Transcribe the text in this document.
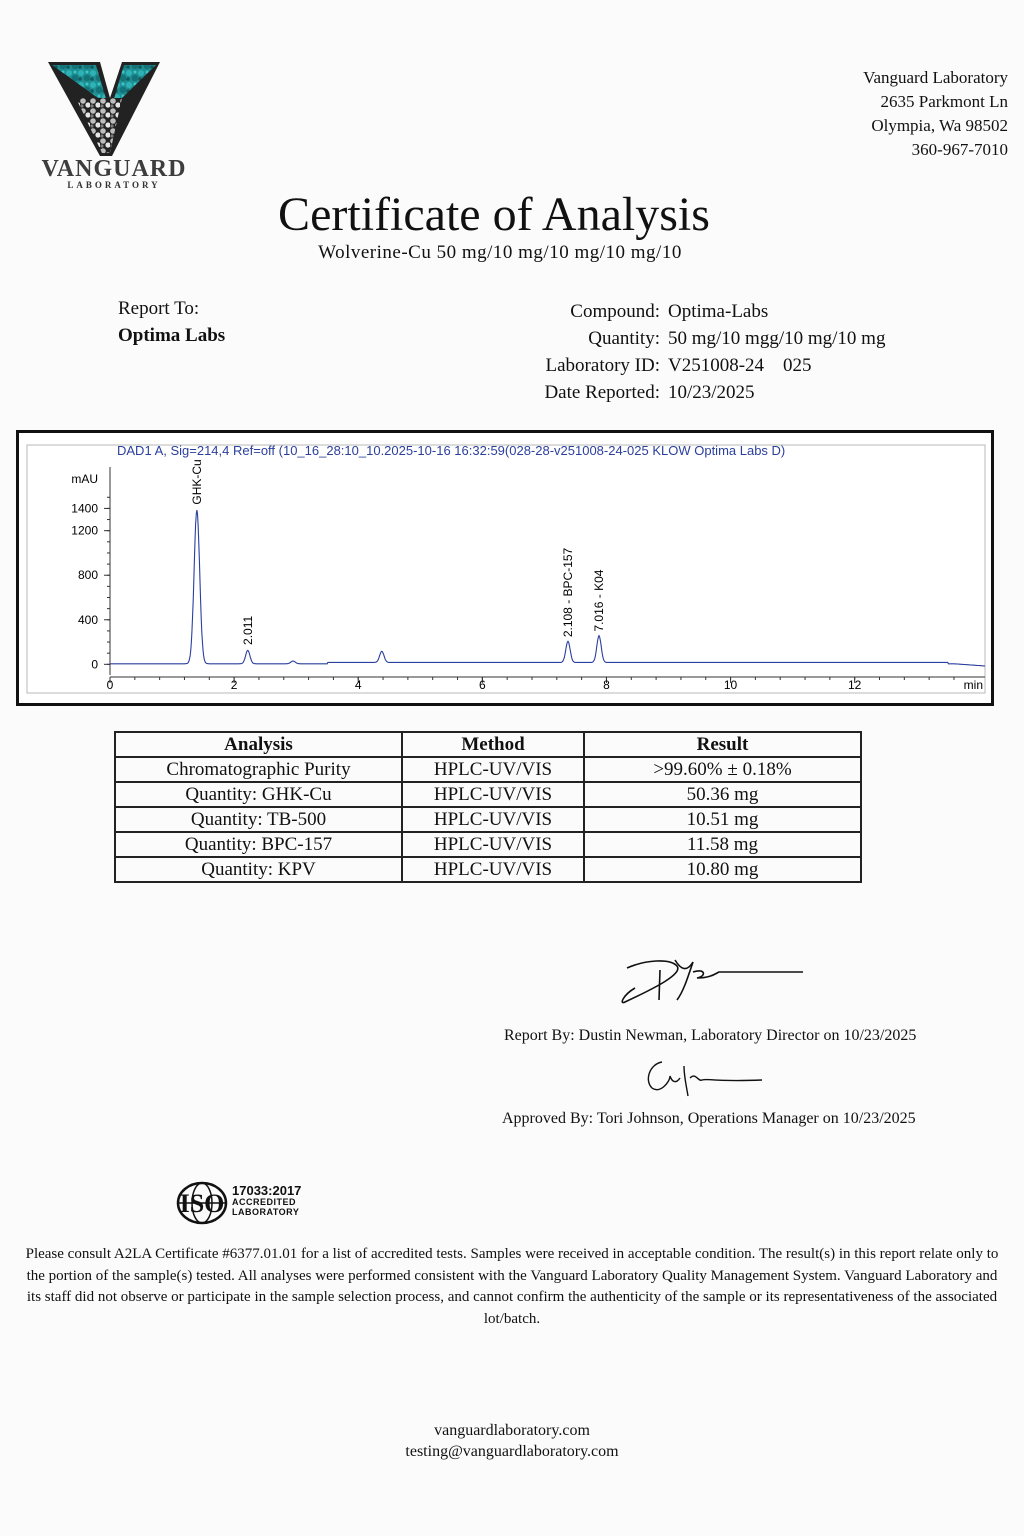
VANGUARD
LABORATORY
Vanguard Laboratory
2635 Parkmont Ln
Olympia, Wa 98502
360-967-7010
Certificate of Analysis
Wolverine-Cu 50 mg/10 mg/10 mg/10 mg/10
Report To:
Optima Labs
Compound: Optima-Labs
Quantity: 50 mg/10 mgg/10 mg/10 mg
Laboratory ID: V251008-24    025
Date Reported: 10/23/2025
DAD1 A, Sig=214,4 Ref=off (10_16_28:10_10.2025-10-16 16:32:59(028-28-v251008-24-025 KLOW Optima Labs D)
mAU
0
400
800
1200
1400
0	2	4	6	8	10	12	min
GHK-Cu
2.011	2.108 - BPC-157 7.016 - K04
Analysis	Method	Result
Chromatographic Purity	HPLC-UV/VIS	>99.60% ± 0.18%
Quantity: GHK-Cu	HPLC-UV/VIS	50.36 mg
Quantity: TB-500	HPLC-UV/VIS	10.51 mg
Quantity: BPC-157	HPLC-UV/VIS	11.58 mg
Quantity: KPV	HPLC-UV/VIS	10.80 mg
Report By: Dustin Newman, Laboratory Director on 10/23/2025
Approved By: Tori Johnson, Operations Manager on 10/23/2025
ISO 17033:2017
ACCREDITED
LABORATORY
Please consult A2LA Certificate #6377.01.01 for a list of accredited tests. Samples were received in acceptable condition. The result(s) in this report relate only to the portion of the sample(s) tested. All analyses were performed consistent with the Vanguard Laboratory Quality Management System. Vanguard Laboratory and its staff did not observe or participate in the sample selection process, and cannot confirm the authenticity of the sample or its representativeness of the associated lot/batch.
vanguardlaboratory.com
testing@vanguardlaboratory.com
